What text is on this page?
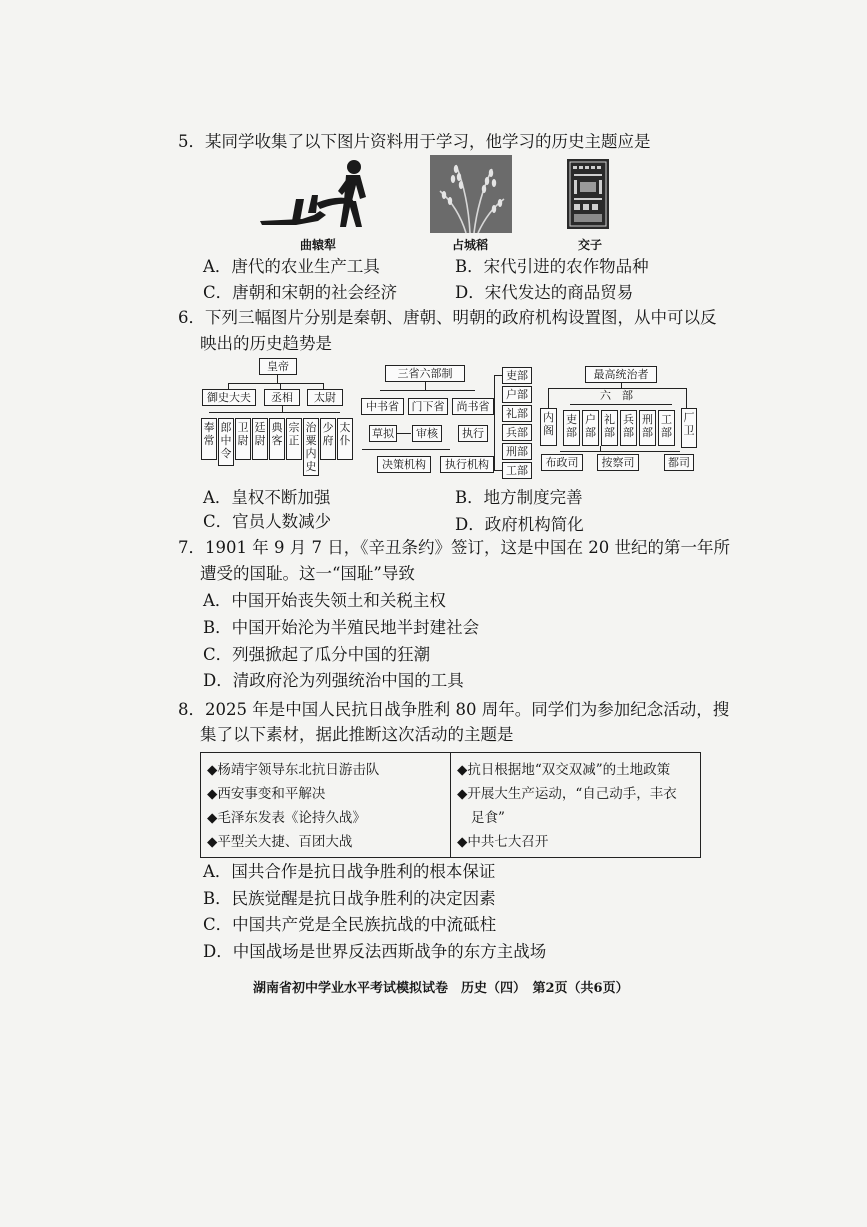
5．某同学收集了以下图片资料用于学习，他学习的历史主题应是
曲辕犁	占城稻	交子
A．唐代的农业生产工具	B．宋代引进的农作物品种
C．唐朝和宋朝的社会经济	D．宋代发达的商品贸易
6．下列三幅图片分别是秦朝、唐朝、明朝的政府机构设置图，从中可以反
映出的历史趋势是
皇帝
御史大夫	丞相	太尉
奉常
郎中令
卫尉
廷尉
典客
宗正
治粟内史
少府
太仆
三省六部制
中书省	门下省	尚书省
草拟	审核	执行
决策机构	执行机构
吏部
户部
礼部
兵部
刑部
工部
最高统治者
六　部
内阁
吏部
户部
礼部
兵部
刑部
工部
厂卫
布政司	按察司	都司
A．皇权不断加强	B．地方制度完善
C．官员人数减少	D．政府机构简化
7．1901 年 9 月 7 日，《辛丑条约》签订，这是中国在 20 世纪的第一年所
遭受的国耻。这一“国耻”导致
A．中国开始丧失领土和关税主权
B．中国开始沦为半殖民地半封建社会
C．列强掀起了瓜分中国的狂潮
D．清政府沦为列强统治中国的工具
8．2025 年是中国人民抗日战争胜利 80 周年。同学们为参加纪念活动，搜
集了以下素材，据此推断这次活动的主题是
◆杨靖宇领导东北抗日游击队
◆西安事变和平解决
◆毛泽东发表《论持久战》
◆平型关大捷、百团大战

◆抗日根据地“双交双减”的土地政策
◆开展大生产运动，“自己动手，丰衣
足食”
◆中共七大召开
A．国共合作是抗日战争胜利的根本保证
B．民族觉醒是抗日战争胜利的决定因素
C．中国共产党是全民族抗战的中流砥柱
D．中国战场是世界反法西斯战争的东方主战场
湖南省初中学业水平考试模拟试卷　历史（四）　第2页（共6页）
